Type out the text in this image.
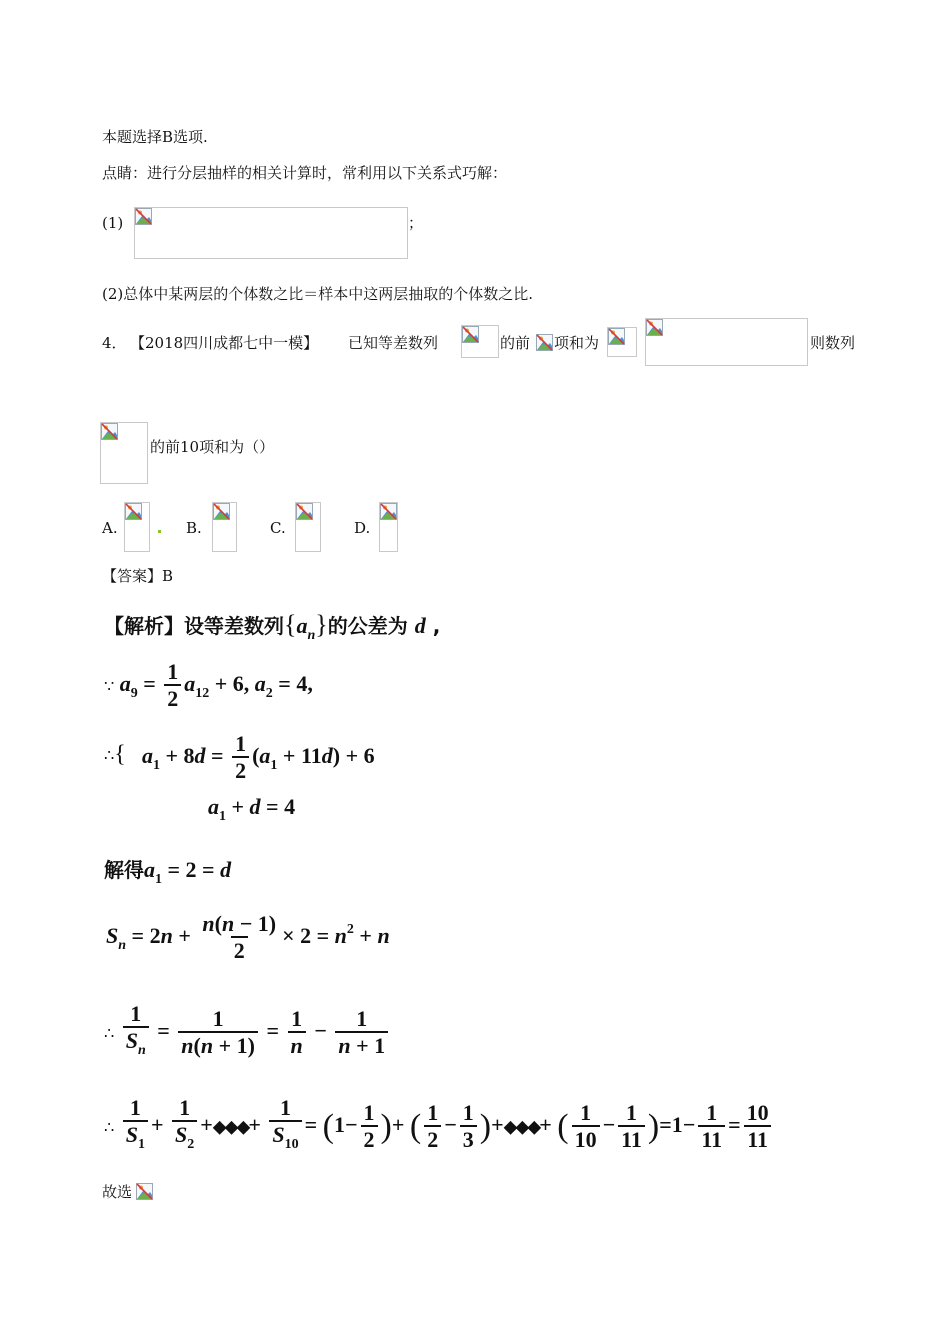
本题选择B选项.
点睛：进行分层抽样的相关计算时，常利用以下关系式巧解：
(1)	；
(2)总体中某两层的个体数之比＝样本中这两层抽取的个体数之比.
4． 【2018四川成都七中一模】 已知等差数列	的前 项和为	则数列
的前10项和为（）
A.	B.	C.	D.
【答案】B
【解析】设等差数列$\{a_n\}$的公差为 d ,
∵ $a_9 = \frac{1}{2} a_{12} + 6$, $a_2 = 4$,
∴{ $a_1 + 8d = \frac{1}{2} (a_1 + 11d) + 6$
$a_1 + d = 4$
解得$a_1 = 2 = d$
$S_n = 2n + \frac{n(n - 1)}{2} \times 2 = n^2 + n$
∴ $\frac{1}{S_n} = \frac{1}{n(n + 1)} = \frac{1}{n} - \frac{1}{n + 1}$
∴ $\frac{1}{S_1} + \frac{1}{S_2}$ +◆◆◆+ $\frac{1}{S_{10}} = (1- \frac{1}{2}$ )+ ( $\frac{1}{2} - \frac{1}{3}$ )+◆◆◆+ ( $\frac{1}{10} - \frac{1}{11} )=1- \frac{1}{11} = \frac{10}{11}$
故选
